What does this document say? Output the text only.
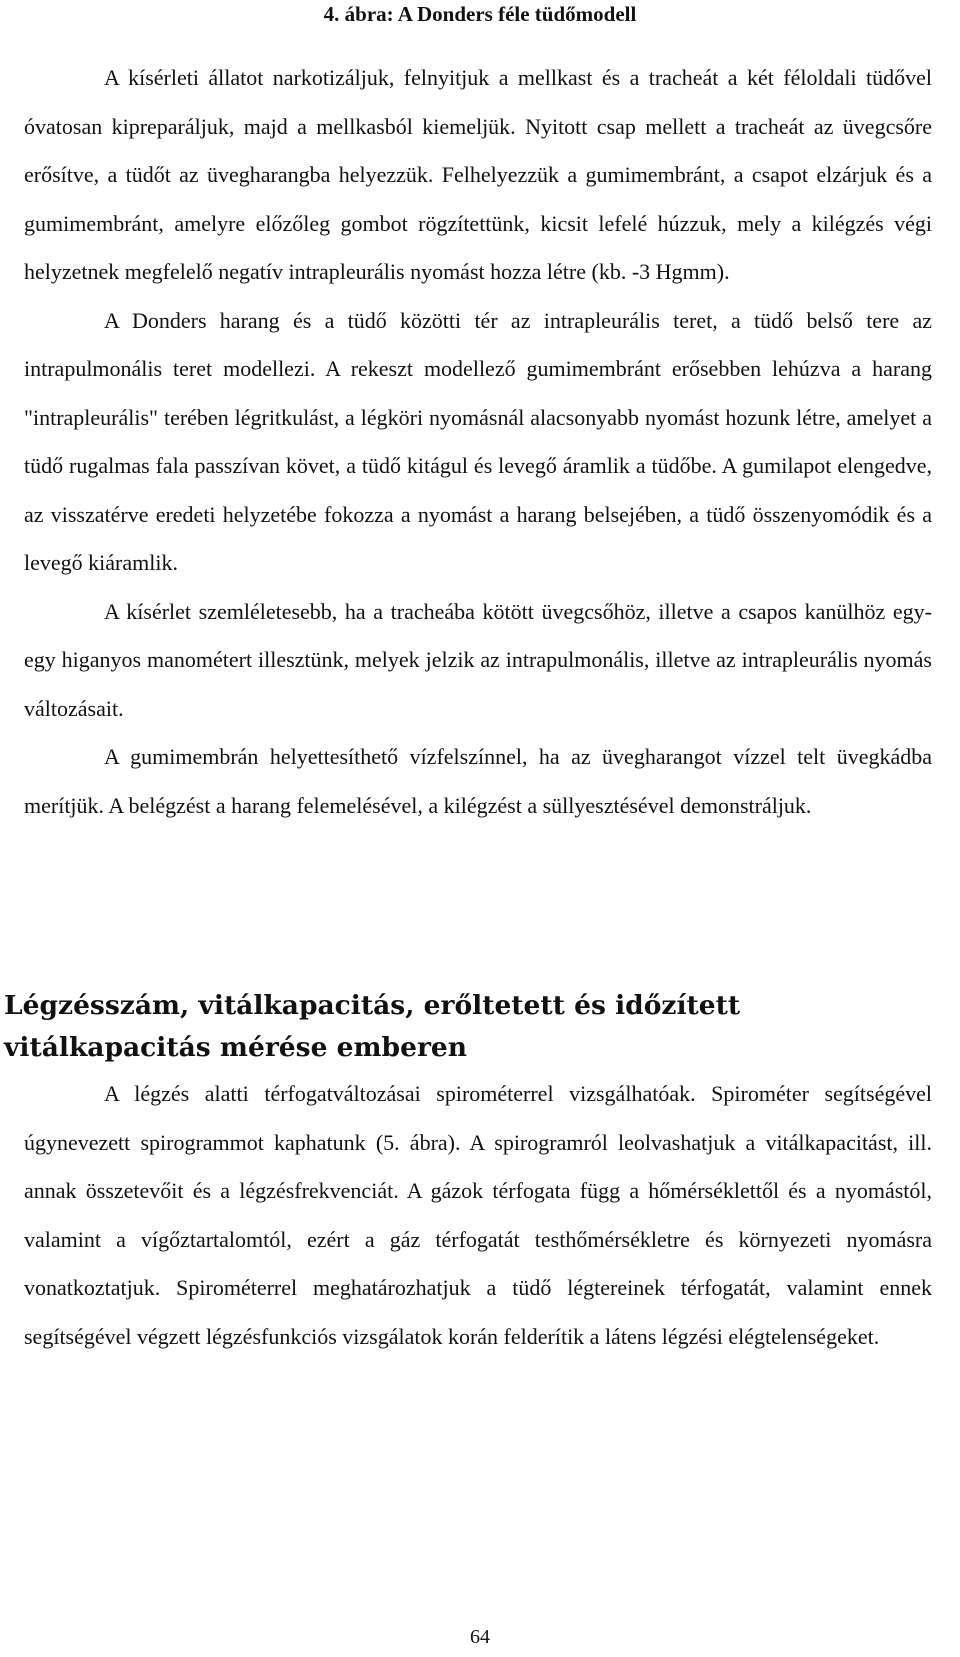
4. ábra: A Donders féle tüdőmodell

A kísérleti állatot narkotizáljuk, felnyitjuk a mellkast és a tracheát a két féloldali tüdővel óvatosan kipreparáljuk, majd a mellkasból kiemeljük. Nyitott csap mellett a tracheát az üvegcsőre erősítve, a tüdőt az üvegharangba helyezzük. Felhelyezzük a gumimembránt, a csapot elzárjuk és a gumimembránt, amelyre előzőleg gombot rögzítettünk, kicsit lefelé húzzuk, mely a kilégzés végi helyzetnek megfelelő negatív intrapleurális nyomást hozza létre (kb. -3 Hgmm).

A Donders harang és a tüdő közötti tér az intrapleurális teret, a tüdő belső tere az intrapulmonális teret modellezi. A rekeszt modellező gumimembránt erősebben lehúzva a harang "intrapleurális" terében légritkulást, a légköri nyomásnál alacsonyabb nyomást hozunk létre, amelyet a tüdő rugalmas fala passzívan követ, a tüdő kitágul és levegő áramlik a tüdőbe. A gumilapot elengedve, az visszatérve eredeti helyzetébe fokozza a nyomást a harang belsejében, a tüdő összenyomódik és a levegő kiáramlik.

A kísérlet szemléletesebb, ha a tracheába kötött üvegcsőhöz, illetve a csapos kanülhöz egy-egy higanyos manométert illesztünk, melyek jelzik az intrapulmonális, illetve az intrapleurális nyomás változásait.

A gumimembrán helyettesíthető vízfelszínnel, ha az üvegharangot vízzel telt üvegkádba merítjük. A belégzést a harang felemelésével, a kilégzést a süllyesztésével demonstráljuk.

Légzésszám, vitálkapacitás, erőltetett és időzített vitálkapacitás mérése emberen

A légzés alatti térfogatváltozásai spirométerrel vizsgálhatóak. Spirométer segítségével úgynevezett spirogrammot kaphatunk (5. ábra). A spirogramról leolvashatjuk a vitálkapacitást, ill. annak összetevőit és a légzésfrekvenciát. A gázok térfogata függ a hőmérséklettől és a nyomástól, valamint a vígőztartalomtól, ezért a gáz térfogatát testhőmérsékletre és környezeti nyomásra vonatkoztatjuk. Spirométerrel meghatározhatjuk a tüdő légtereinek térfogatát, valamint ennek segítségével végzett légzésfunkciós vizsgálatok korán felderítik a látens légzési elégtelenségeket.

64
